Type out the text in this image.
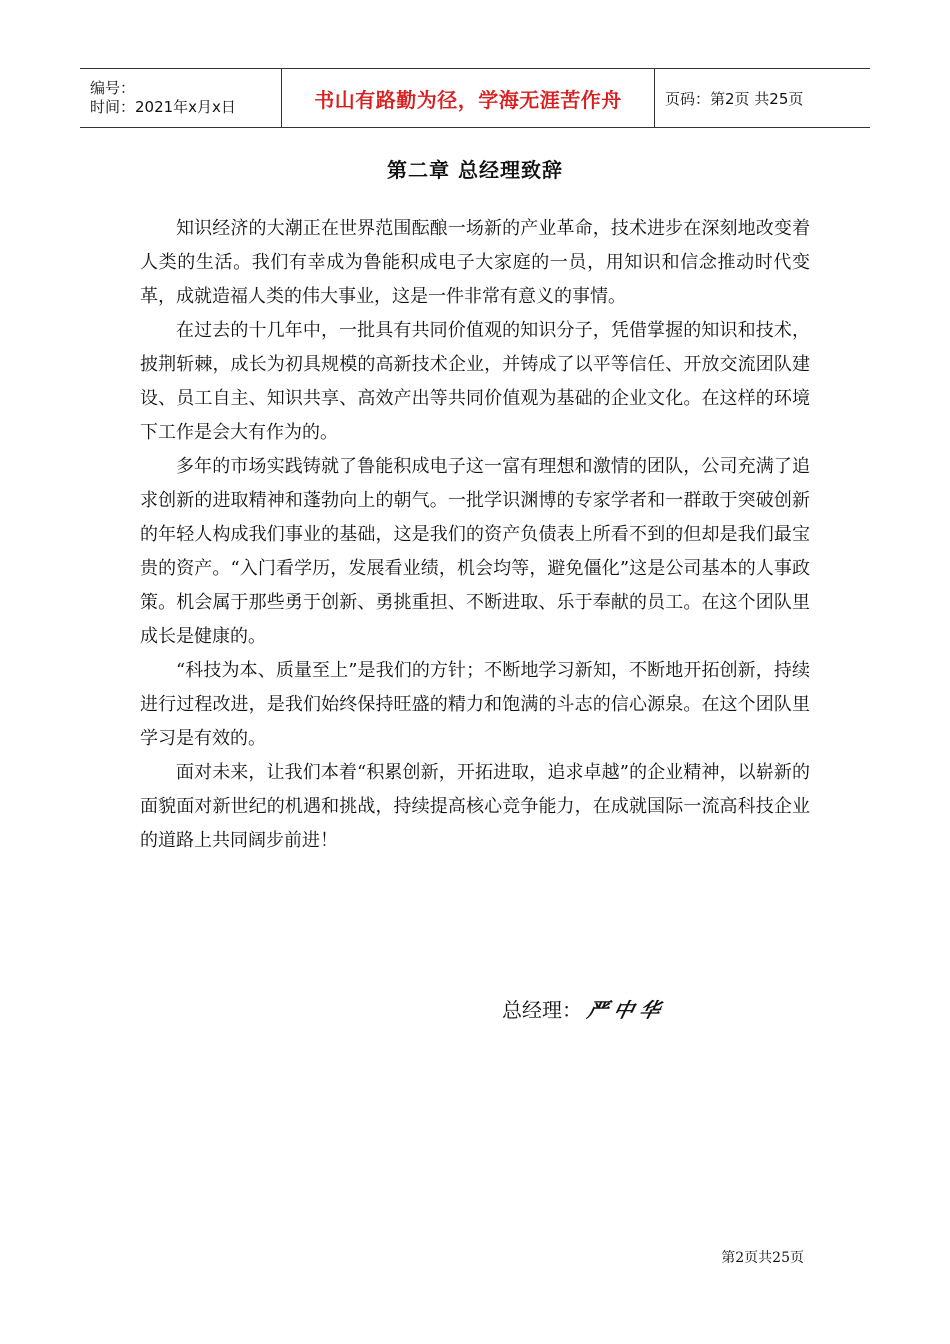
编号：
时间：2021年x月x日	书山有路勤为径，学海无涯苦作舟	页码：第2页 共25页
第二章 总经理致辞

知识经济的大潮正在世界范围酝酿一场新的产业革命，技术进步在深刻地改变着人类的生活。我们有幸成为鲁能积成电子大家庭的一员，用知识和信念推动时代变革，成就造福人类的伟大事业，这是一件非常有意义的事情。

在过去的十几年中，一批具有共同价值观的知识分子，凭借掌握的知识和技术，披荆斩棘，成长为初具规模的高新技术企业，并铸成了以平等信任、开放交流团队建设、员工自主、知识共享、高效产出等共同价值观为基础的企业文化。在这样的环境下工作是会大有作为的。

多年的市场实践铸就了鲁能积成电子这一富有理想和激情的团队，公司充满了追求创新的进取精神和蓬勃向上的朝气。一批学识渊博的专家学者和一群敢于突破创新的年轻人构成我们事业的基础，这是我们的资产负债表上所看不到的但却是我们最宝贵的资产。“入门看学历，发展看业绩，机会均等，避免僵化”这是公司基本的人事政策。机会属于那些勇于创新、勇挑重担、不断进取、乐于奉献的员工。在这个团队里成长是健康的。

“科技为本、质量至上”是我们的方针；不断地学习新知，不断地开拓创新，持续进行过程改进，是我们始终保持旺盛的精力和饱满的斗志的信心源泉。在这个团队里学习是有效的。

面对未来，让我们本着“积累创新，开拓进取，追求卓越”的企业精神，以崭新的面貌面对新世纪的机遇和挑战，持续提高核心竞争能力，在成就国际一流高科技企业的道路上共同阔步前进！

总经理： 严中华
第2页共25页
